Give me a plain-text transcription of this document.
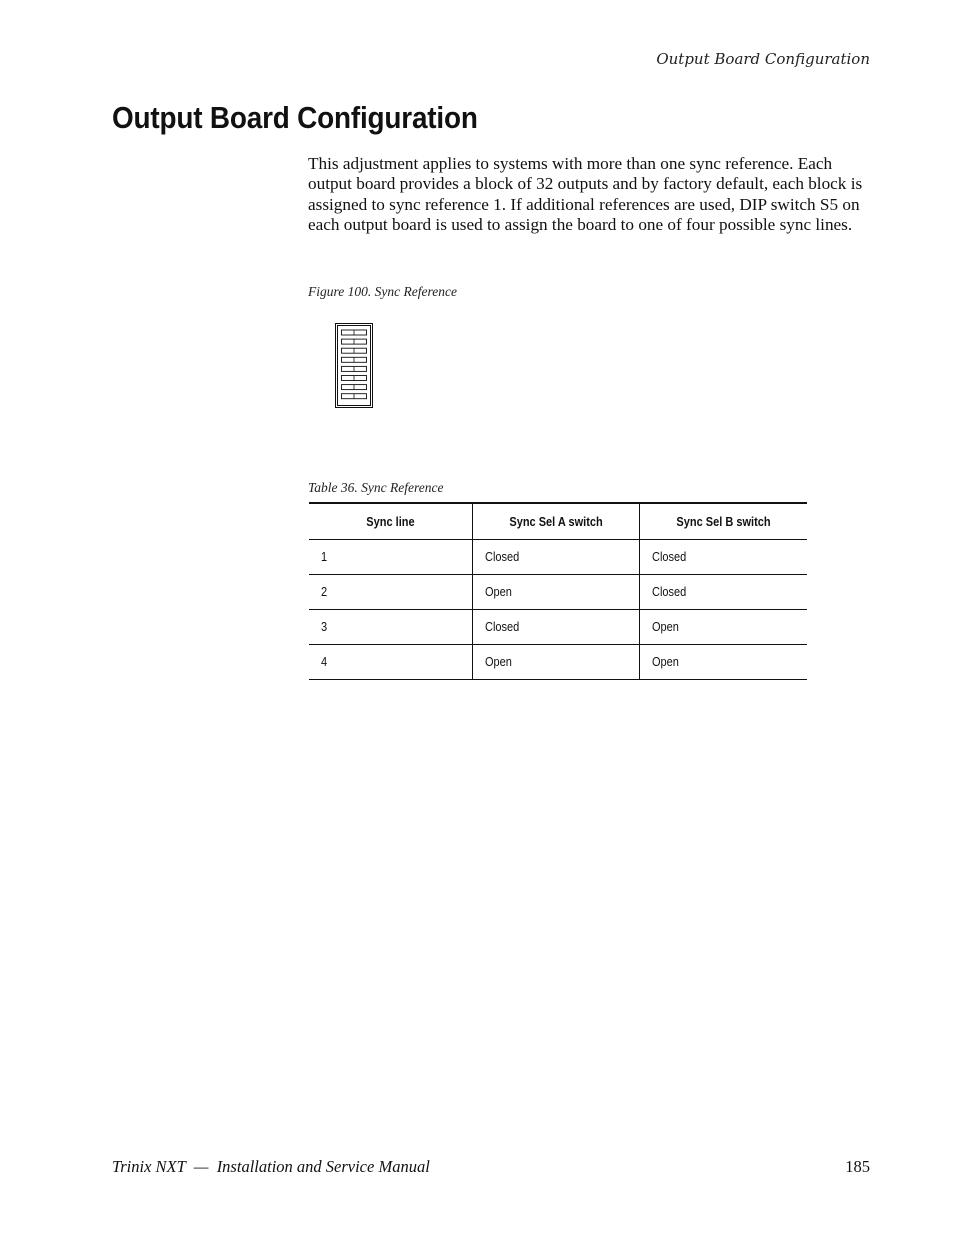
Output Board Configuration
Output Board Configuration

This adjustment applies to systems with more than one sync reference. Each output board provides a block of 32 outputs and by factory default, each block is assigned to sync reference 1. If additional references are used, DIP switch S5 on each output board is used to assign the board to one of four possible sync lines.

Figure 100. Sync Reference
Table 36. Sync Reference
Sync line	Sync Sel A switch	Sync Sel B switch
1	Closed	Closed
2	Open	Closed
3	Closed	Open
4	Open	Open
Trinix NXT  —  Installation and Service Manual	185
